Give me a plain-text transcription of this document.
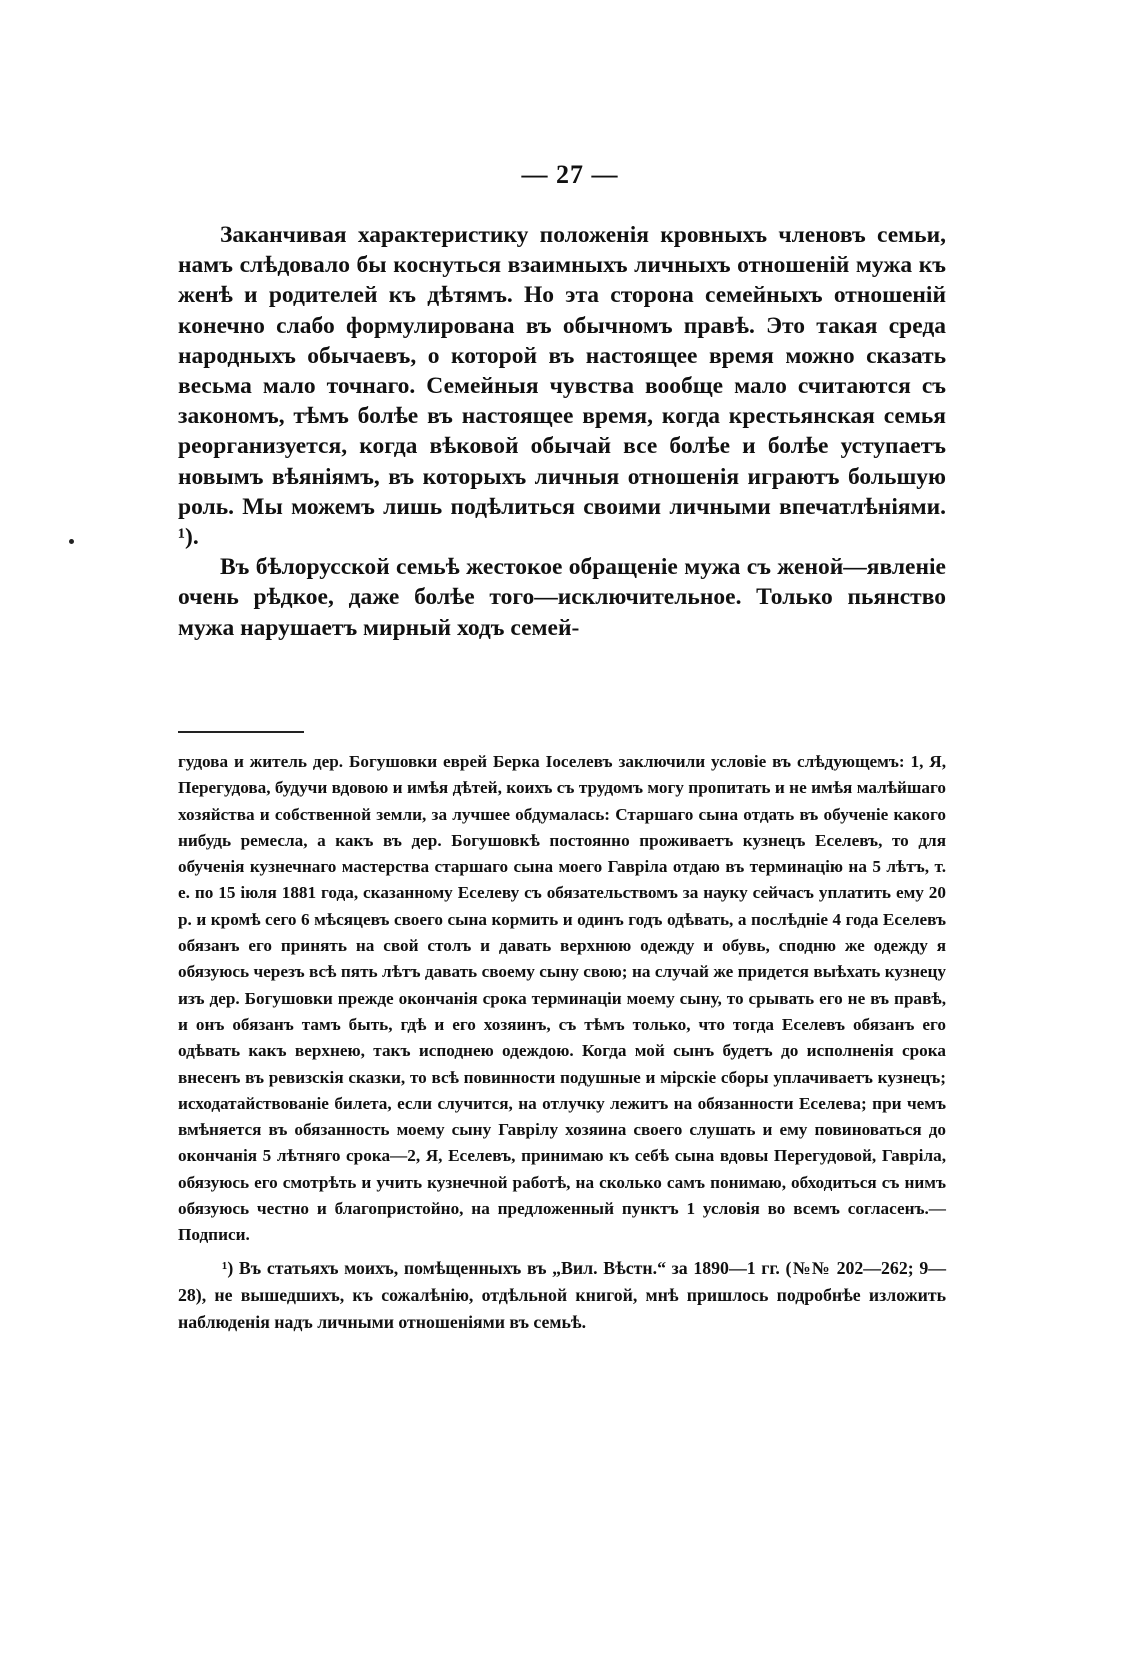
— 27 —

Заканчивая характеристику положенія кровныхъ членовъ семьи, намъ слѣдовало бы коснуться взаимныхъ личныхъ отношеній мужа къ женѣ и родителей къ дѣтямъ. Но эта сторона семейныхъ отношеній конечно слабо формулирована въ обычномъ правѣ. Это такая среда народныхъ обычаевъ, о которой въ настоящее время можно сказать весьма мало точнаго. Семейныя чувства вообще мало считаются съ закономъ, тѣмъ болѣе въ настоящее время, когда крестьянская семья реорганизуется, когда вѣковой обычай все болѣе и болѣе уступаетъ новымъ вѣяніямъ, въ которыхъ личныя отношенія играютъ большую роль. Мы можемъ лишь подѣлиться своими личными впечатлѣніями. ¹).

Въ бѣлорусской семьѣ жестокое обращеніе мужа съ женой—явленіе очень рѣдкое, даже болѣе того—исключительное. Только пьянство мужа нарушаетъ мирный ходъ семей-

гудова и житель дер. Богушовки еврей Берка Іоселевъ заключили условіе въ слѣдующемъ: 1, Я, Перегудова, будучи вдовою и имѣя дѣтей, коихъ съ трудомъ могу пропитать и не имѣя малѣйшаго хозяйства и собственной земли, за лучшее обдумалась: Старшаго сына отдать въ обученіе какого нибудь ремесла, а какъ въ дер. Богушовкѣ постоянно проживаетъ кузнецъ Еселевъ, то для обученія кузнечнаго мастерства старшаго сына моего Гавріла отдаю въ терминацію на 5 лѣтъ, т. е. по 15 іюля 1881 года, сказанному Еселеву съ обязательствомъ за науку сейчасъ уплатить ему 20 р. и кромѣ сего 6 мѣсяцевъ своего сына кормить и одинъ годъ одѣвать, а послѣдніе 4 года Еселевъ обязанъ его принять на свой столъ и давать верхнюю одежду и обувь, сподню же одежду я обязуюсь черезъ всѣ пять лѣтъ давать своему сыну свою; на случай же придется выѣхать кузнецу изъ дер. Богушовки прежде окончанія срока терминаціи моему сыну, то срывать его не въ правѣ, и онъ обязанъ тамъ быть, гдѣ и его хозяинъ, съ тѣмъ только, что тогда Еселевъ обязанъ его одѣвать какъ верхнею, такъ исподнею одеждою. Когда мой сынъ будетъ до исполненія срока внесенъ въ ревизскія сказки, то всѣ повинности подушные и мірскіе сборы уплачиваетъ кузнецъ; исходатайствованіе билета, если случится, на отлучку лежитъ на обязанности Еселева; при чемъ вмѣняется въ обязанность моему сыну Гаврілу хозяина своего слушать и ему повиноваться до окончанія 5 лѣтняго срока—2, Я, Еселевъ, принимаю къ себѣ сына вдовы Перегудовой, Гавріла, обязуюсь его смотрѣть и учить кузнечной работѣ, на сколько самъ понимаю, обходиться съ нимъ обязуюсь честно и благопристойно, на предложенный пунктъ 1 условія во всемъ согласенъ.—Подписи.

¹) Въ статьяхъ моихъ, помѣщенныхъ въ „Вил. Вѣстн.“ за 1890—1 гг. (№№ 202—262; 9—28), не вышедшихъ, къ сожалѣнію, отдѣльной книгой, мнѣ пришлось подробнѣе изложить наблюденія надъ личными отношеніями въ семьѣ.
